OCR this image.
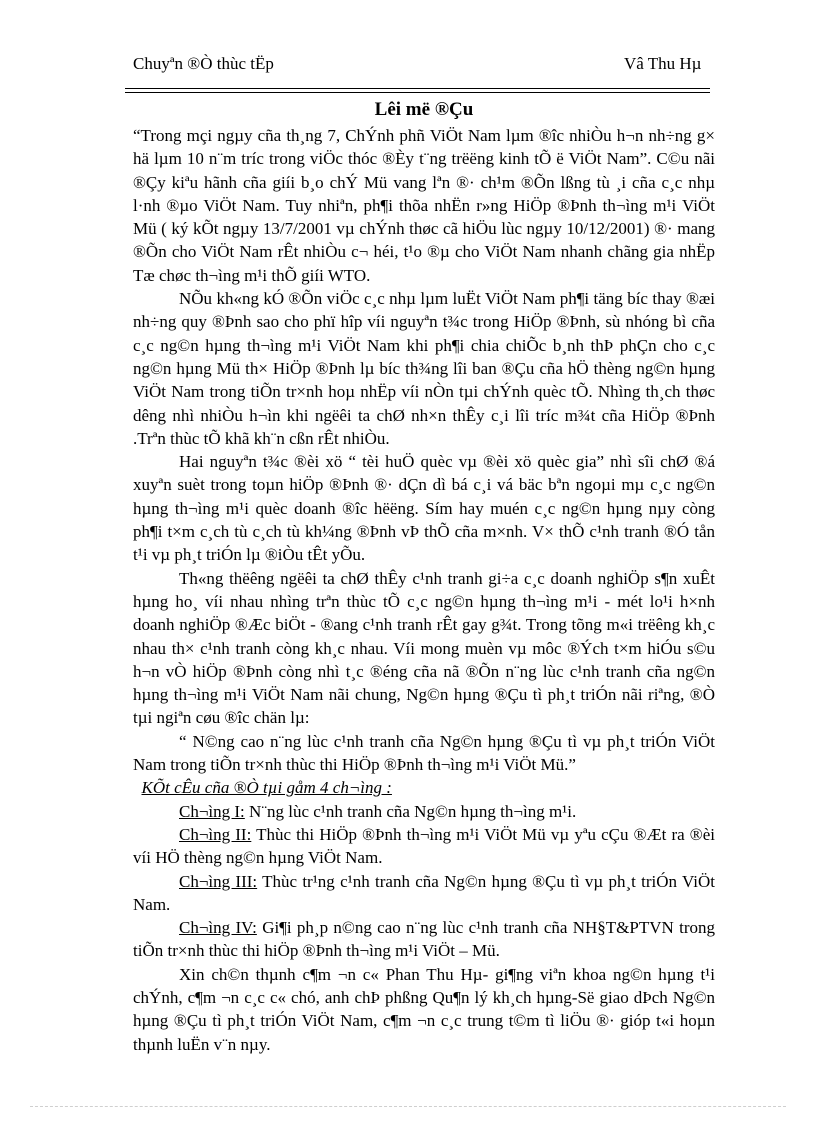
Chuyªn ®Ò thùc tËp	Vâ Thu Hµ
Lêi më ®Çu

“Trong mçi ngµy cña th¸ng 7, ChÝnh phñ ViÖt Nam lµm ®îc nhiÒu h¬n nh÷ng g× hä lµm 10 n¨m tríc trong viÖc thóc ®Èy t¨ng trëëng kinh tÕ ë ViÖt Nam”. C©u nãi ®Çy kiªu hãnh cña giíi b¸o chÝ Mü vang lªn ®· ch¹m ®Õn lßng tù ¸i cña c¸c nhµ l·nh ®µo ViÖt Nam. Tuy nhiªn, ph¶i thõa nhËn r»ng HiÖp ®Þnh th¬ìng m¹i ViÖt Mü ( ký kÕt ngµy 13/7/2001 vµ chÝnh thøc cã hiÖu lùc ngµy 10/12/2001) ®· mang ®Õn cho ViÖt Nam rÊt nhiÒu c¬ héi, t¹o ®µ cho ViÖt Nam nhanh chãng gia nhËp Tæ chøc th¬ìng m¹i thÕ giíi WTO.

NÕu kh«ng kÓ ®Õn viÖc c¸c nhµ lµm luËt ViÖt Nam ph¶i täng bíc thay ®æi nh÷ng quy ®Þnh sao cho phï hîp víi nguyªn t¾c trong HiÖp ®Þnh, sù nhóng bì cña c¸c ng©n hµng th¬ìng m¹i ViÖt Nam khi ph¶i chia chiÕc b¸nh thÞ phÇn cho c¸c ng©n hµng Mü th× HiÖp ®Þnh lµ bíc th¾ng lîi ban ®Çu cña hÖ thèng ng©n hµng ViÖt Nam trong tiÕn tr×nh hoµ nhËp víi nÒn tµi chÝnh quèc tÕ. Nhìng th¸ch thøc dêng nhì nhiÒu h¬ìn khi ngëêi ta chØ nh×n thÊy c¸i lîi tríc m¾t cña HiÖp ®Þnh .Trªn thùc tÕ khã kh¨n cßn rÊt nhiÒu.

Hai nguyªn t¾c ®èi xö “ tèi huÖ quèc vµ ®èi xö quèc gia” nhì sîi chØ ®á xuyªn suèt trong toµn hiÖp ®Þnh ®· dÇn dì bá c¸i vá bäc bªn ngoµi mµ c¸c ng©n hµng th¬ìng m¹i quèc doanh ®îc hëëng. Sím hay muén c¸c ng©n hµng nµy còng ph¶i t×m c¸ch tù c¸ch tù kh¼ng ®Þnh vÞ thÕ cña m×nh. V× thÕ c¹nh tranh ®Ó tån t¹i vµ ph¸t triÓn lµ ®iÒu tÊt yÕu.

Th«ng thëêng ngëêi ta chØ thÊy c¹nh tranh gi÷a c¸c doanh nghiÖp s¶n xuÊt hµng ho¸ víi nhau nhìng trªn thùc tÕ c¸c ng©n hµng th¬ìng m¹i - mét lo¹i h×nh doanh nghiÖp ®Æc biÖt - ®ang c¹nh tranh rÊt gay g¾t. Trong tõng m«i trëêng kh¸c nhau th× c¹nh tranh còng kh¸c nhau. Víi mong muèn vµ môc ®Ých t×m hiÓu s©u h¬n vÒ hiÖp ®Þnh còng nhì t¸c ®éng cña nã ®Õn n¨ng lùc c¹nh tranh cña ng©n hµng th¬ìng m¹i ViÖt Nam nãi chung, Ng©n hµng ®Çu tì ph¸t triÓn nãi riªng, ®Ò tµi ngiªn cøu ®îc chän lµ:

“ N©ng cao n¨ng lùc c¹nh tranh cña Ng©n hµng ®Çu tì vµ ph¸t triÓn ViÖt Nam trong tiÕn tr×nh thùc thi HiÖp ®Þnh th¬ìng m¹i ViÖt Mü.”

KÕt cÊu cña ®Ò tµi gåm 4 ch¬ìng :

Ch¬ìng I: N¨ng lùc c¹nh tranh cña Ng©n hµng th¬ìng m¹i.

Ch¬ìng II: Thùc thi HiÖp ®Þnh th¬ìng m¹i ViÖt Mü vµ yªu cÇu ®Æt ra ®èi víi HÖ thèng ng©n hµng ViÖt Nam.

Ch¬ìng III: Thùc tr¹ng c¹nh tranh cña Ng©n hµng ®Çu tì vµ ph¸t triÓn ViÖt Nam.

Ch¬ìng IV: Gi¶i ph¸p n©ng cao n¨ng lùc c¹nh tranh cña NH§T&PTVN trong tiÕn tr×nh thùc thi hiÖp ®Þnh th¬ìng m¹i ViÖt – Mü.

Xin ch©n thµnh c¶m ¬n c« Phan Thu Hµ- gi¶ng viªn khoa ng©n hµng t¹i chÝnh, c¶m ¬n c¸c c« chó, anh chÞ phßng Qu¶n lý kh¸ch hµng-Së giao dÞch Ng©n hµng ®Çu tì ph¸t triÓn ViÖt Nam, c¶m ¬n c¸c trung t©m tì liÖu ®· gióp t«i hoµn thµnh luËn v¨n nµy.
